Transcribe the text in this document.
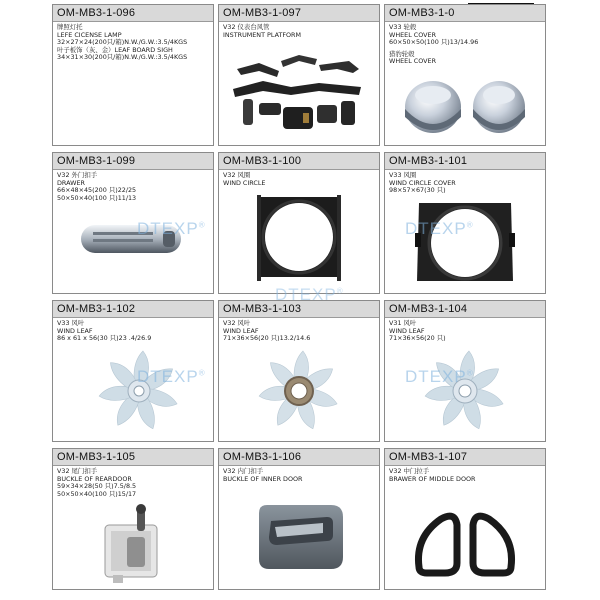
OM-MB3-1-096
牌照灯托
LEFE CICENSE LAMP
32×27×24(200只/箱)N.W./G.W.:3.5/4KGS
叶子板饰（灰、金）LEAF BOARD SIGH
34×31×30(200只/箱)N.W./G.W.:3.5/4KGS
OM-MB3-1-097
V32 仪表台风管
INSTRUMENT PLATFORM
OM-MB3-1-0
V33 轮毂
WHEEL COVER
60×50×50(100 只)13/14.96
猎豹轮毂
WHEEL COVER
OM-MB3-1-099
V32 外门扣手
DRAWER
66×48×45(200 只)22/25
50×50×40(100 只)11/13
DTEXP®
OM-MB3-1-100
V32 风圈
WIND CIRCLE
OM-MB3-1-101
V33 风圈
WIND CIRCLE COVER
98×57×67(30 只)
DTEXP®
OM-MB3-1-102
V33 风叶
WIND LEAF
86 x 61 x 56(30 只)23 .4/26.9
DTEXP®
OM-MB3-1-103
V32 风叶
WIND LEAF
71×36×56(20 只)13.2/14.6
DTEXP®
OM-MB3-1-104
V31 风叶
WIND LEAF
71×36×56(20 只)
DTEXP®
OM-MB3-1-105
V32 尾门扣手
BUCKLE OF REARDOOR
59×34×28(50 只)7.5/8.5
50×50×40(100 只)15/17
OM-MB3-1-106
V32 内门扣手
BUCKLE OF INNER DOOR
OM-MB3-1-107
V32 中门拉手
BRAWER OF MIDDLE DOOR
